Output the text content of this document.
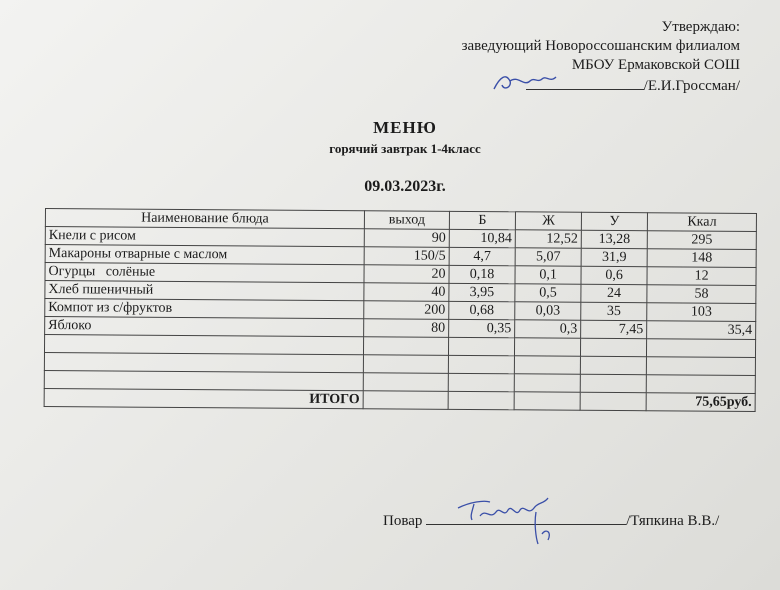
Утверждаю:
заведующий Новороссошанским филиалом
МБОУ Ермаковской СОШ
/Е.И.Гроссман/
МЕНЮ
горячий завтрак 1-4класс
09.03.2023г.
Наименование блюда	выход	Б	Ж	У	Ккал
Кнели с рисом	90	10,84	12,52	13,28	295
Макароны отварные с маслом	150/5	4,7	5,07	31,9	148
Огурцы   солёные	20	0,18	0,1	0,6	12
Хлеб пшеничный	40	3,95	0,5	24	58
Компот из с/фруктов	200	0,68	0,03	35	103
Яблоко	80	0,35	0,3	7,45	35,4

ИТОГО					75,65руб.
Повар	/Тяпкина В.В./
